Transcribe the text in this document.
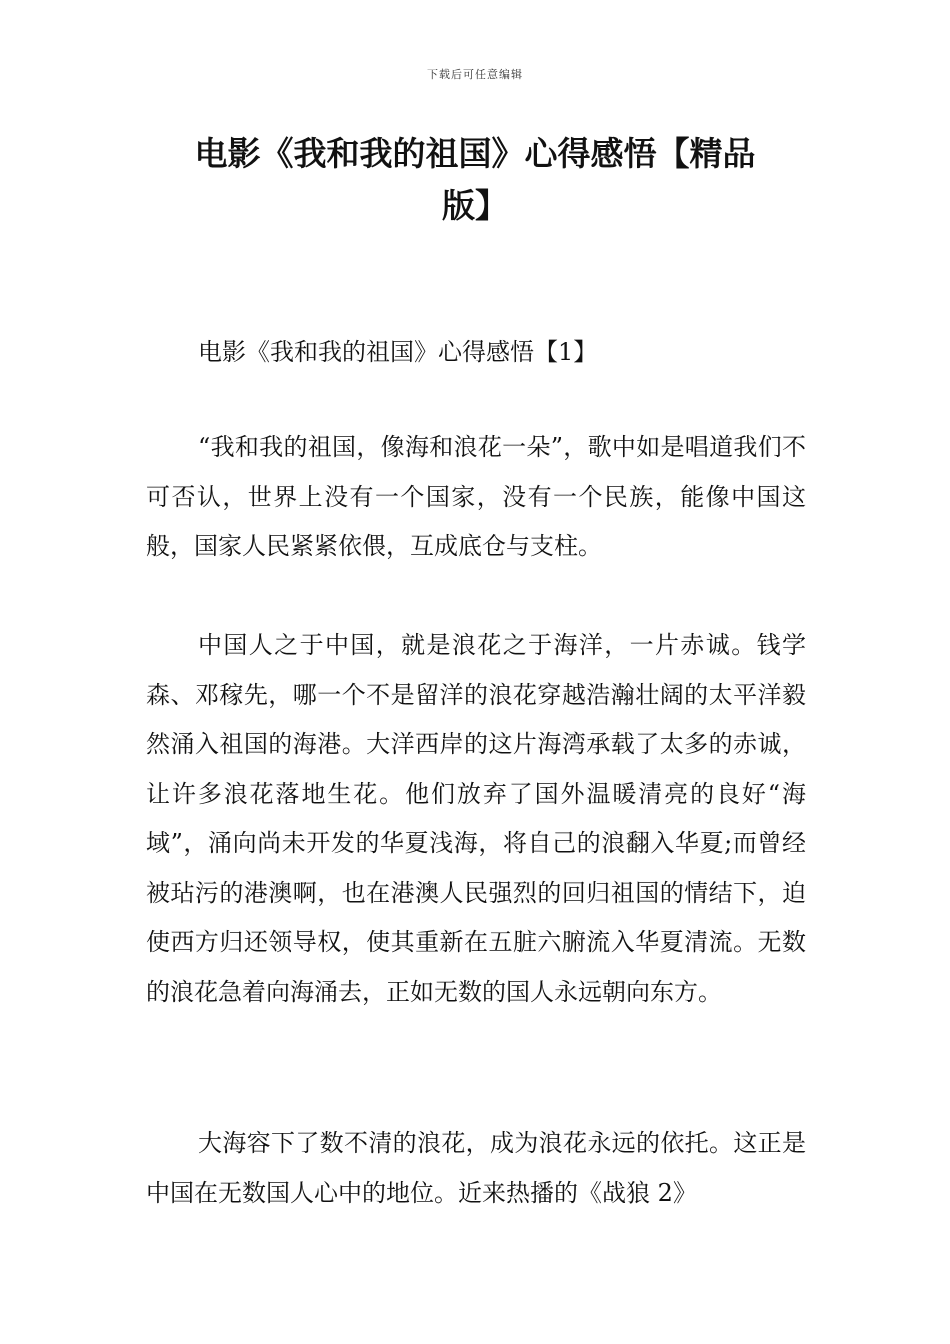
下载后可任意编辑
电影《我和我的祖国》心得感悟【精品版】

电影《我和我的祖国》心得感悟【1】

“我和我的祖国，像海和浪花一朵”，歌中如是唱道我们不可否认，世界上没有一个国家，没有一个民族，能像中国这般，国家人民紧紧依偎，互成底仓与支柱。

中国人之于中国，就是浪花之于海洋，一片赤诚。钱学森、邓稼先，哪一个不是留洋的浪花穿越浩瀚壮阔的太平洋毅然涌入祖国的海港。大洋西岸的这片海湾承载了太多的赤诚，让许多浪花落地生花。他们放弃了国外温暖清亮的良好“海域”，涌向尚未开发的华夏浅海，将自己的浪翻入华夏;而曾经被玷污的港澳啊，也在港澳人民强烈的回归祖国的情结下，迫使西方归还领导权，使其重新在五脏六腑流入华夏清流。无数的浪花急着向海涌去，正如无数的国人永远朝向东方。

大海容下了数不清的浪花，成为浪花永远的依托。这正是中国在无数国人心中的地位。近来热播的《战狼 2》
